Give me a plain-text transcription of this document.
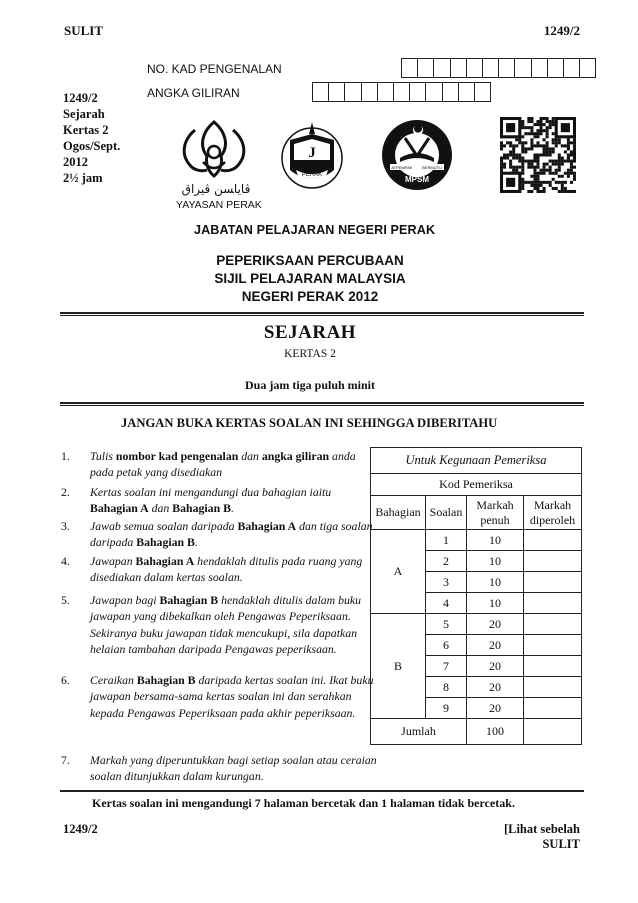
SULIT	1249/2
NO. KAD PENGENALAN
ANGKA GILIRAN
1249/2
Sejarah
Kertas 2
Ogos/Sept.
2012
2½ jam
ڤايا‍سن ڤيراق
YAYASAN PERAK
J
PERAK
ATPEMPAK BERMUTU
MPSM
JABATAN PELAJARAN NEGERI PERAK
PEPERIKSAAN PERCUBAAN
SIJIL PELAJARAN MALAYSIA
NEGERI PERAK 2012
SEJARAH
KERTAS 2
Dua jam tiga puluh minit
JANGAN BUKA KERTAS SOALAN INI SEHINGGA DIBERITAHU
1. Tulis nombor kad pengenalan dan angka giliran anda pada petak yang disediakan
2. Kertas soalan ini mengandungi dua bahagian iaitu Bahagian A dan Bahagian B.
3. Jawab semua soalan daripada Bahagian A dan tiga soalan daripada Bahagian B.
4. Jawapan Bahagian A hendaklah ditulis pada ruang yang disediakan dalam kertas soalan.
5. Jawapan bagi Bahagian B hendaklah ditulis dalam buku jawapan yang dibekalkan oleh Pengawas Peperiksaan. Sekiranya buku jawapan tidak mencukupi, sila dapatkan helaian tambahan daripada Pengawas peperiksaan.
6. Ceraikan Bahagian B daripada kertas soalan ini. Ikat buku jawapan bersama-sama kertas soalan ini dan serahkan kepada Pengawas Peperiksaan pada akhir peperiksaan.
7. Markah yang diperuntukkan bagi setiap soalan atau ceraian soalan ditunjukkan dalam kurungan.
Untuk Kegunaan Pemeriksa			
Kod Pemeriksa			
Bahagian	Soalan	Markah penuh	Markah diperoleh
A	1	10	
	2	10	
	3	10	
	4	10	
B	5	20	
	6	20	
	7	20	
	8	20	
	9	20	
Jumlah		100	
Kertas soalan ini mengandungi 7 halaman bercetak dan 1 halaman tidak bercetak.
1249/2	[Lihat sebelah
SULIT
